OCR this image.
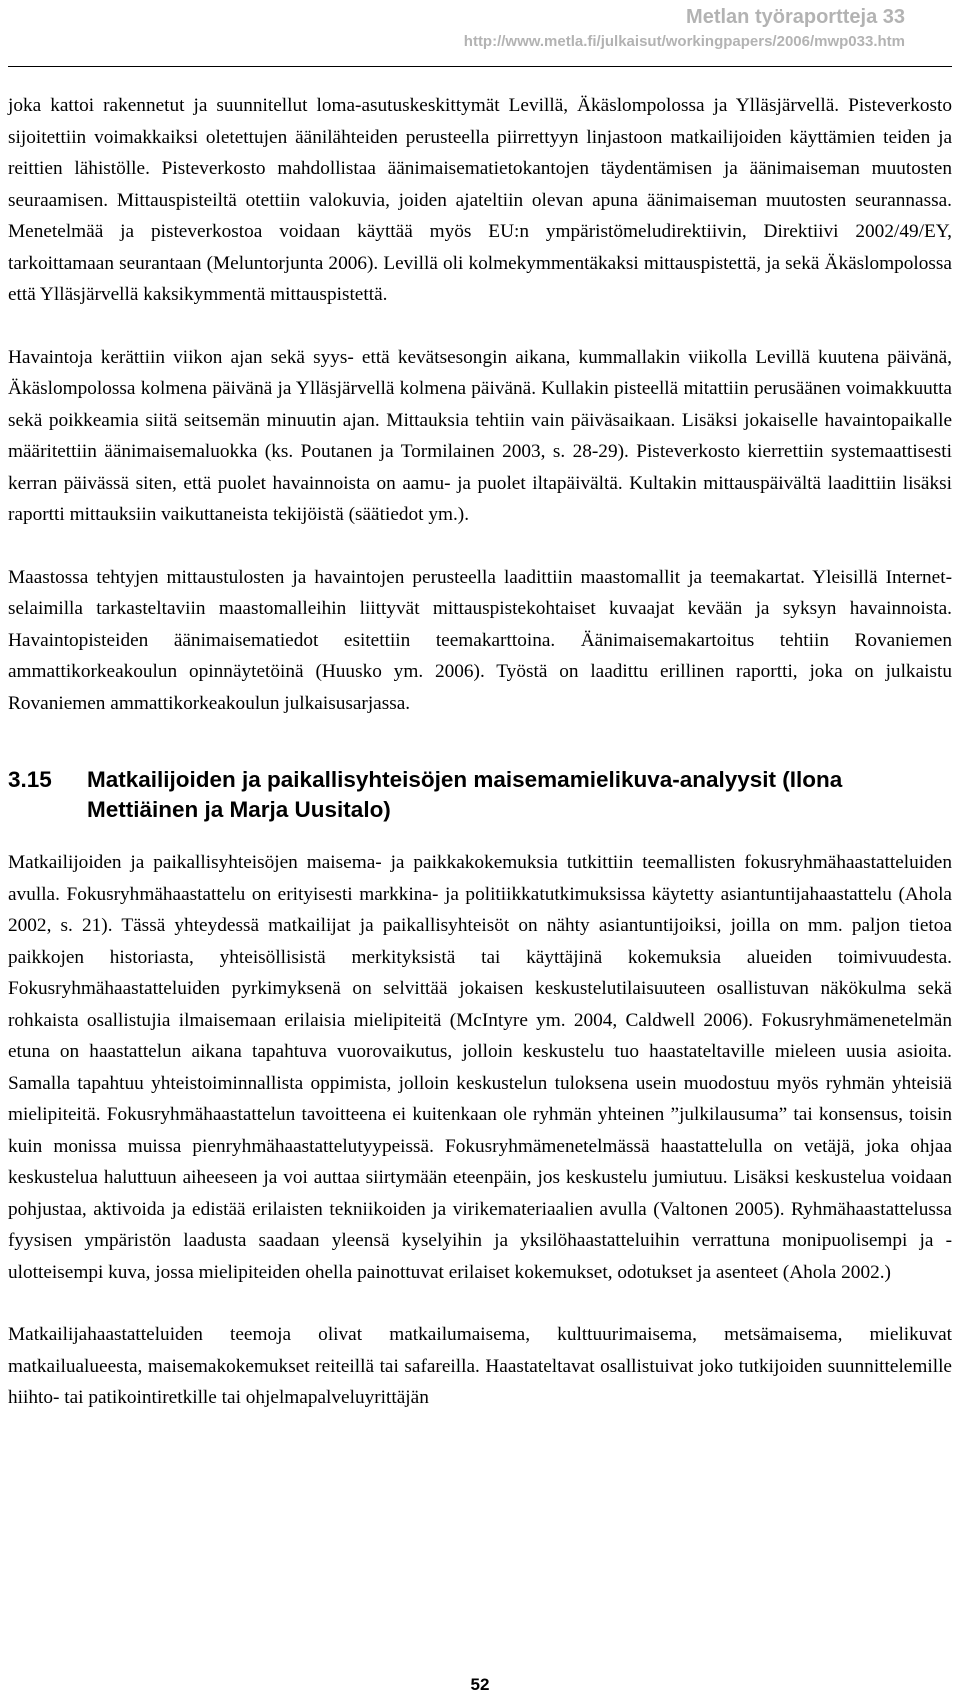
Metlan työraportteja 33
http://www.metla.fi/julkaisut/workingpapers/2006/mwp033.htm

joka kattoi rakennetut ja suunnitellut loma-asutuskeskittymät Levillä, Äkäslompolossa ja Ylläsjärvellä. Pisteverkosto sijoitettiin voimakkaiksi oletettujen äänilähteiden perusteella piirrettyyn linjastoon matkailijoiden käyttämien teiden ja reittien lähistölle. Pisteverkosto mahdollistaa äänimaisematietokantojen täydentämisen ja äänimaiseman muutosten seuraamisen. Mittauspisteiltä otettiin valokuvia, joiden ajateltiin olevan apuna äänimaiseman muutosten seurannassa. Menetelmää ja pisteverkostoa voidaan käyttää myös EU:n ympäristömeludirektiivin, Direktiivi 2002/49/EY, tarkoittamaan seurantaan (Meluntorjunta 2006). Levillä oli kolmekymmentäkaksi mittauspistettä, ja sekä Äkäslompolossa että Ylläsjärvellä kaksikymmentä mittauspistettä.

Havaintoja kerättiin viikon ajan sekä syys- että kevätsesongin aikana, kummallakin viikolla Levillä kuutena päivänä, Äkäslompolossa kolmena päivänä ja Ylläsjärvellä kolmena päivänä. Kullakin pisteellä mitattiin perusäänen voimakkuutta sekä poikkeamia siitä seitsemän minuutin ajan. Mittauksia tehtiin vain päiväsaikaan. Lisäksi jokaiselle havaintopaikalle määritettiin äänimaisemaluokka (ks. Poutanen ja Tormilainen 2003, s. 28-29). Pisteverkosto kierrettiin systemaattisesti kerran päivässä siten, että puolet havainnoista on aamu- ja puolet iltapäivältä. Kultakin mittauspäivältä laadittiin lisäksi raportti mittauksiin vaikuttaneista tekijöistä (säätiedot ym.).

Maastossa tehtyjen mittaustulosten ja havaintojen perusteella laadittiin maastomallit ja teemakartat. Yleisillä Internet-selaimilla tarkasteltaviin maastomalleihin liittyvät mittauspistekohtaiset kuvaajat kevään ja syksyn havainnoista. Havaintopisteiden äänimaisematiedot esitettiin teemakarttoina. Äänimaisemakartoitus tehtiin Rovaniemen ammattikorkeakoulun opinnäytetöinä (Huusko ym. 2006). Työstä on laadittu erillinen raportti, joka on julkaistu Rovaniemen ammattikorkeakoulun julkaisusarjassa.

3.15	Matkailijoiden ja paikallisyhteisöjen maisemamielikuva-analyysit (Ilona Mettiäinen ja Marja Uusitalo)

Matkailijoiden ja paikallisyhteisöjen maisema- ja paikkakokemuksia tutkittiin teemallisten fokusryhmähaastatteluiden avulla. Fokusryhmähaastattelu on erityisesti markkina- ja politiikkatutkimuksissa käytetty asiantuntijahaastattelu (Ahola 2002, s. 21). Tässä yhteydessä matkailijat ja paikallisyhteisöt on nähty asiantuntijoiksi, joilla on mm. paljon tietoa paikkojen historiasta, yhteisöllisistä merkityksistä tai käyttäjinä kokemuksia alueiden toimivuudesta. Fokusryhmähaastatteluiden pyrkimyksenä on selvittää jokaisen keskustelutilaisuuteen osallistuvan näkökulma sekä rohkaista osallistujia ilmaisemaan erilaisia mielipiteitä (McIntyre ym. 2004, Caldwell 2006). Fokusryhmämenetelmän etuna on haastattelun aikana tapahtuva vuorovaikutus, jolloin keskustelu tuo haastateltaville mieleen uusia asioita. Samalla tapahtuu yhteistoiminnallista oppimista, jolloin keskustelun tuloksena usein muodostuu myös ryhmän yhteisiä mielipiteitä. Fokusryhmähaastattelun tavoitteena ei kuitenkaan ole ryhmän yhteinen ”julkilausuma” tai konsensus, toisin kuin monissa muissa pienryhmähaastattelutyypeissä. Fokusryhmämenetelmässä haastattelulla on vetäjä, joka ohjaa keskustelua haluttuun aiheeseen ja voi auttaa siirtymään eteenpäin, jos keskustelu jumiutuu. Lisäksi keskustelua voidaan pohjustaa, aktivoida ja edistää erilaisten tekniikoiden ja virikemateriaalien avulla (Valtonen 2005). Ryhmähaastattelussa fyysisen ympäristön laadusta saadaan yleensä kyselyihin ja yksilöhaastatteluihin verrattuna monipuolisempi ja -ulotteisempi kuva, jossa mielipiteiden ohella painottuvat erilaiset kokemukset, odotukset ja asenteet (Ahola 2002.)

Matkailijahaastatteluiden teemoja olivat matkailumaisema, kulttuurimaisema, metsämaisema, mielikuvat matkailualueesta, maisemakokemukset reiteillä tai safareilla. Haastateltavat osallistuivat joko tutkijoiden suunnittelemille hiihto- tai patikointiretkille tai ohjelmapalveluyrittäjän

52
